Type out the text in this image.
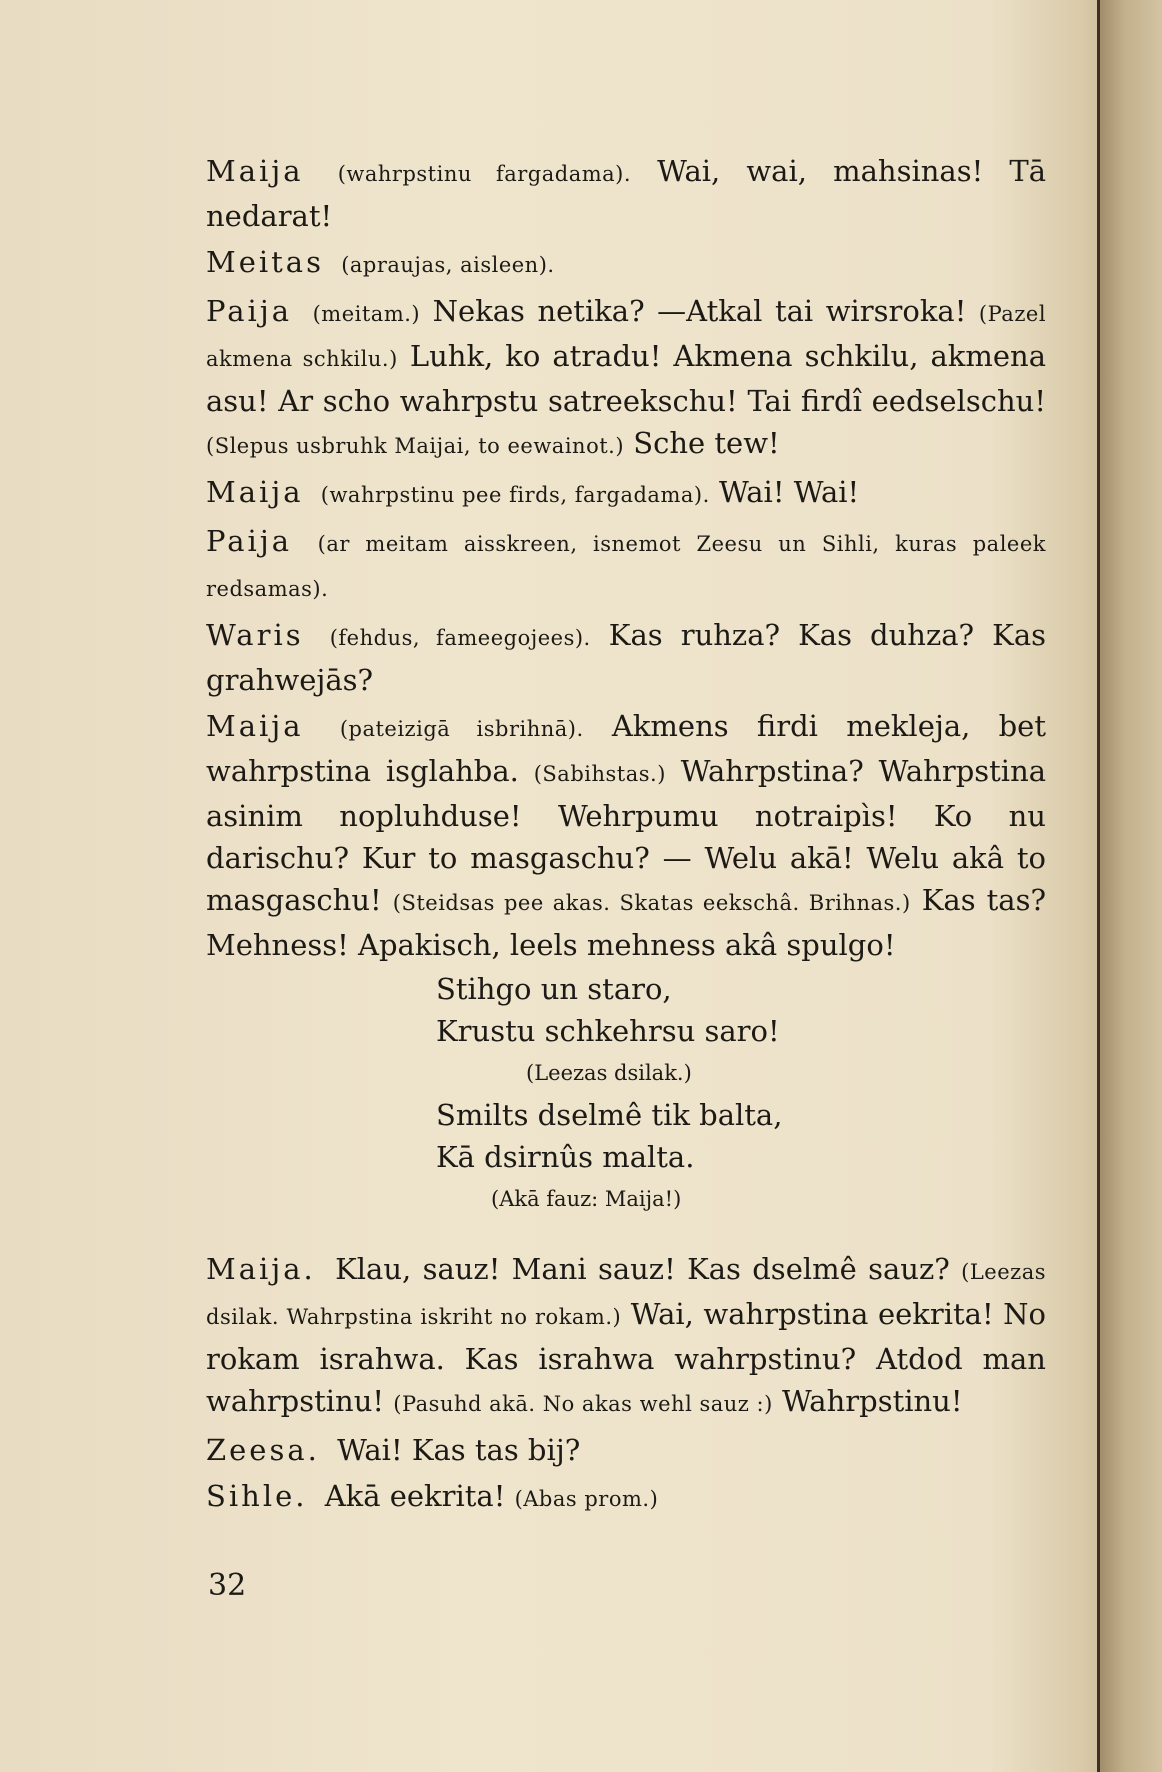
Maija (wahrpstinu fargadama). Wai, wai, mahsinas! Tā nedarat!

Meitas (apraujas, aisleen).

Paija (meitam.) Nekas netika? —Atkal tai wirsroka! (Pazel akmena schkilu.) Luhk, ko atradu! Akmena schkilu, akmena asu! Ar scho wahrpstu satreekschu! Tai firdî eedselschu! (Slepus usbruhk Maijai, to eewainot.) Sche tew!

Maija (wahrpstinu pee firds, fargadama). Wai! Wai!

Paija (ar meitam aisskreen, isnemot Zeesu un Sihli, kuras paleek redsamas).

Waris (fehdus, fameegojees). Kas ruhza? Kas duhza? Kas grahwejās?

Maija (pateizigā isbrihnā). Akmens firdi mekleja, bet wahrpstina isglahba. (Sabihstas.) Wahrpstina? Wahrpstina asinim nopluhduse! Wehrpumu notraipìs! Ko nu darischu? Kur to masgaschu? — Welu akā! Welu akâ to masgaschu! (Steidsas pee akas. Skatas eekschâ. Brihnas.) Kas tas? Mehness! Apakisch, leels mehness akâ spulgo!

Stihgo un staro,
Krustu schkehrsu saro!
(Leezas dsilak.)
Smilts dselmê tik balta,
Kā dsirnûs malta.
(Akā fauz: Maija!)

Maija. Klau, sauz! Mani sauz! Kas dselmê sauz? (Leezas dsilak. Wahrpstina iskriht no rokam.) Wai, wahrpstina eekrita! No rokam israhwa. Kas israhwa wahrpstinu? Atdod man wahrpstinu! (Pasuhd akā. No akas wehl sauz :) Wahrpstinu!

Zeesa. Wai! Kas tas bij?

Sihle. Akā eekrita! (Abas prom.)

32
